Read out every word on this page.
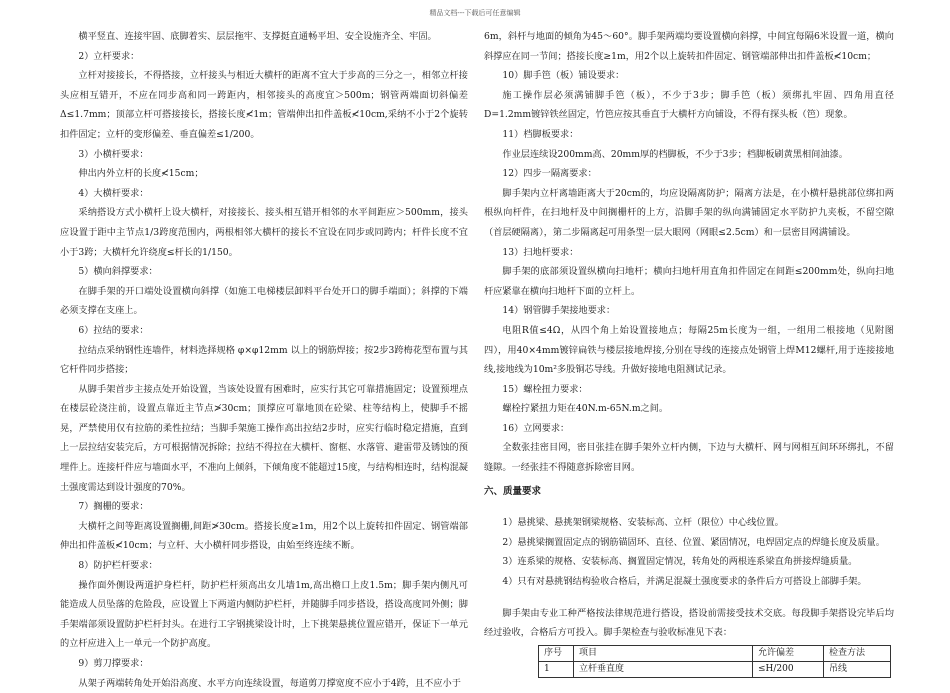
精品文档---下载后可任意编辑

横平竖直、连接牢固、底脚着实、层层拖牢、支撑挺直通畅平坦、安全设施齐全、牢固。

2）立杆要求：

立杆对接接长，不得搭接，立杆接头与相近大横杆的距离不宜大于步高的三分之一，相邻立杆接头应相互错开，不应在同步高和同一跨距内，相邻接头的高度宜＞500m；钢管两端面切斜偏差Δ≤1.7mm；顶部立杆可搭接接长，搭接长度≮1m；管端伸出扣件盖板≮10cm,采纳不小于2个旋转扣件固定；立杆的变形偏差、垂直偏差≤1/200。

3）小横杆要求：

伸出内外立杆的长度≮15cm；

4）大横杆要求：

采纳搭设方式小横杆上设大横杆，对接接长、接头相互错开相邻的水平间距应＞500mm，接头应设置于距中主节点1/3跨度范围内，两根相邻大横杆的接长不宜设在同步或同跨内；杆件长度不宜小于3跨；大横杆允许绕度≤杆长的1/150。

5）横向斜撑要求：

在脚手架的开口端处设置横向斜撑（如施工电梯楼层卸料平台处开口的脚手端面）；斜撑的下端必须支撑在支座上。

6）拉结的要求：

拉结点采纳钢性连墙件，材料选择规格 φ×φ12mm 以上的钢筋焊接；按2步3跨梅花型布置与其它杆件同步搭接；

从脚手架首步主接点处开始设置，当该处设置有困难时，应实行其它可靠措施固定；设置预埋点在楼层砼浇注前，设置点靠近主节点≯30cm；顶撑应可靠地顶在砼梁、柱等结构上，使脚手不摇晃，严禁使用仅有拉筋的柔性拉结；当脚手架施工操作高出拉结2步时，应实行临时稳定措施，直到上一层拉结安装完后，方可根据情况拆除；拉结不得拉在大横杆、窗框、水落管、避雷带及锈蚀的预埋件上。连接杆件应与墙面水平，不准向上倾斜，下倾角度不能超过15度，与结构相连时，结构混凝土强度需达到设计强度的70%。

7）搁栅的要求：

大横杆之间等距离设置搁栅,间距≯30cm。搭接长度≥1m，用2个以上旋转扣件固定、钢管端部伸出扣件盖板≮10cm；与立杆、大小横杆同步搭设，由始至终连续不断。

8）防护栏杆要求：

操作面外侧设两道护身栏杆，防护栏杆须高出女儿墙1m,高出檐口上皮1.5m；脚手架内侧凡可能造成人员坠落的危险段，应设置上下两道内侧防护栏杆，并随脚手同步搭设，搭设高度同外侧；脚手架端部须设置防护栏杆封头。在进行工字钢挑梁设计时，上下挑架悬挑位置应错开，保证下一单元的立杆应进入上一单元一个防护高度。

9）剪刀撑要求：

从架子两端转角处开始沿高度、水平方向连续设置，每道剪刀撑宽度不应小于4跨，且不应小于

6m，斜杆与地面的倾角为45～60°。脚手架两端均要设置横向斜撑，中间宜每隔6米设置一道，横向斜撑应在同一节间；搭接长度≥1m，用2个以上旋转扣件固定、钢管端部伸出扣件盖板≮10cm；

10）脚手笆（板）铺设要求：

施工操作层必须满铺脚手笆（板），不少于3步；脚手笆（板）须绑扎牢固、四角用直径D=1.2mm镀锌铁丝固定，竹笆应按其垂直于大横杆方向铺设，不得有探头板（笆）现象。

11）档脚板要求：

作业层连续设200mm高、20mm厚的档脚板，不少于3步；档脚板刷黄黑相间油漆。

12）四步一隔离要求：

脚手架内立杆离墙距离大于20cm的，均应设隔离防护；隔离方法是，在小横杆悬挑部位绑扣两根纵向杆件，在扫地杆及中间搁栅杆的上方，沿脚手架的纵向满铺固定水平防护九夹板，不留空隙（首层硬隔离），第二步隔离起可用条型一层大眼网（网眼≤2.5cm）和一层密目网满铺设。

13）扫地杆要求：

脚手架的底部须设置纵横向扫地杆；横向扫地杆用直角扣件固定在间距≤200mm处，纵向扫地杆应紧靠在横向扫地杆下面的立杆上。

14）钢管脚手架接地要求：

电阻R值≤4Ω，从四个角上始设置接地点；每隔25m长度为一组，一组用二根接地（见附图四），用40×4mm镀锌扁铁与楼层接地焊接,分别在导线的连接点处钢管上焊M12螺杆,用于连接接地线,接地线为10m²多股铜芯导线。升做好接地电阻测试记录。

15）螺栓扭力要求：

螺栓拧紧扭力矩在40N.m-65N.m之间。

16）立网要求：

全数张挂密目网，密目张挂在脚手架外立杆内侧，下边与大横杆、网与网相互间环环绑扎，不留缝隙。一经张挂不得随意拆除密目网。

六、质量要求

1）悬挑梁、悬挑架钢梁规格、安装标高、立杆（限位）中心线位置。

2）悬挑梁搁置固定点的钢筋锚固环、直径、位置、紧固情况，电焊固定点的焊缝长度及质量。

3）连系梁的规格、安装标高、搁置固定情况，转角处的两根连系梁直角拼接焊缝质量。

4）只有对悬挑钢结构验收合格后，并满足混凝土强度要求的条件后方可搭设上部脚手架。

脚手架由专业工种严格按法律规范进行搭设，搭设前需接受技术交底。每段脚手架搭设完毕后均经过验收，合格后方可投入。脚手架检查与验收标准见下表：

序号	项目	允许偏差	检查方法
1	立杆垂直度	≤H/200	吊线
